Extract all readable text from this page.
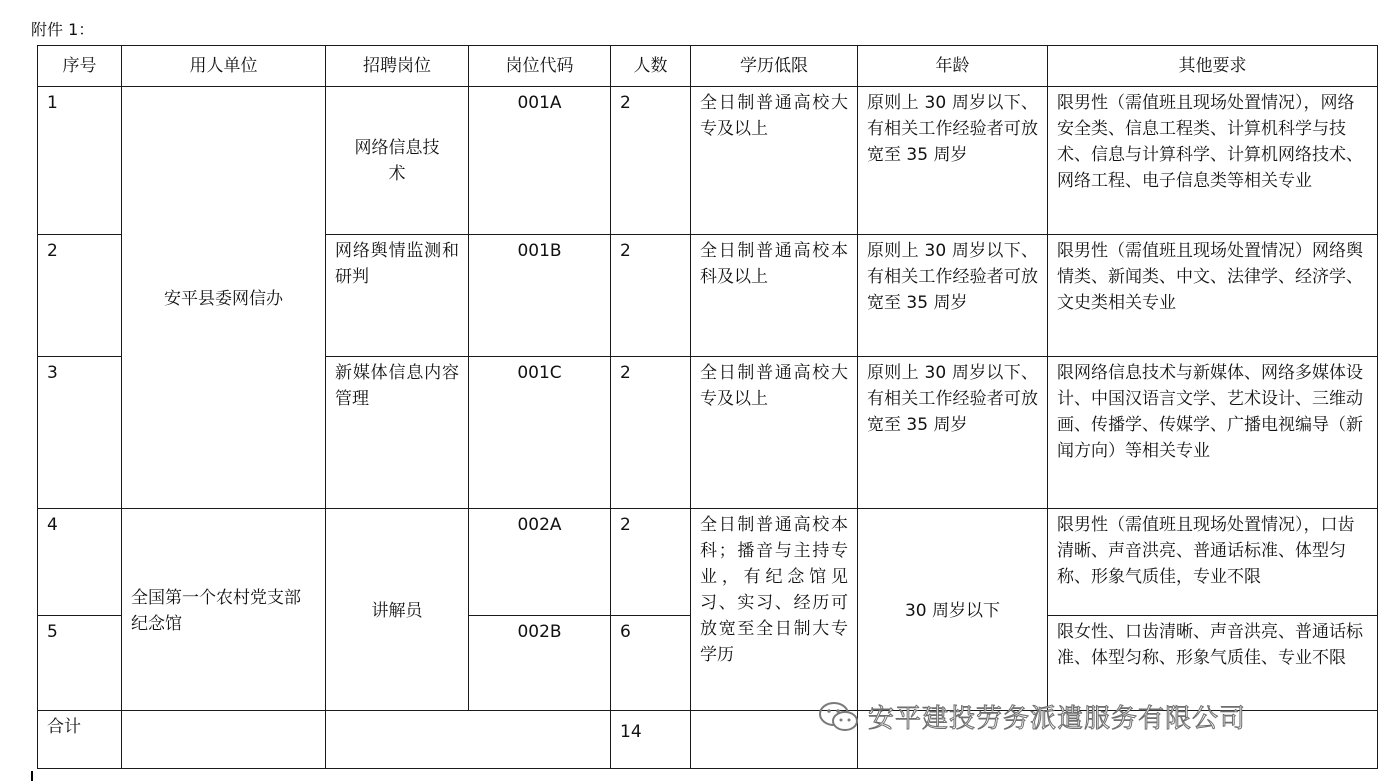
附件 1：
序号	用人单位	招聘岗位	岗位代码	人数	学历低限	年龄	其他要求
1	安平县委网信办	网络信息技术	001A	2	全日制普通高校大专及以上	原则上 30 周岁以下、有相关工作经验者可放宽至 35 周岁	限男性（需值班且现场处置情况），网络安全类、信息工程类、计算机科学与技术、信息与计算科学、计算机网络技术、网络工程、电子信息类等相关专业
2		网络舆情监测和研判	001B	2	全日制普通高校本科及以上	原则上 30 周岁以下、有相关工作经验者可放宽至 35 周岁	限男性（需值班且现场处置情况）网络舆情类、新闻类、中文、法律学、经济学、文史类相关专业
3		新媒体信息内容管理	001C	2	全日制普通高校大专及以上	原则上 30 周岁以下、有相关工作经验者可放宽至 35 周岁	限网络信息技术与新媒体、网络多媒体设计、中国汉语言文学、艺术设计、三维动画、传播学、传媒学、广播电视编导（新闻方向）等相关专业
4	全国第一个农村党支部纪念馆	讲解员	002A	2	全日制普通高校本科；播音与主持专业，有纪念馆见习、实习、经历可放宽至全日制大专学历	30 周岁以下	限男性（需值班且现场处置情况），口齿清晰、声音洪亮、普通话标准、体型匀称、形象气质佳，专业不限
5			002B	6			限女性、口齿清晰、声音洪亮、普通话标准、体型匀称、形象气质佳、专业不限
合计				14				安平建投劳务派遣服务有限公司
